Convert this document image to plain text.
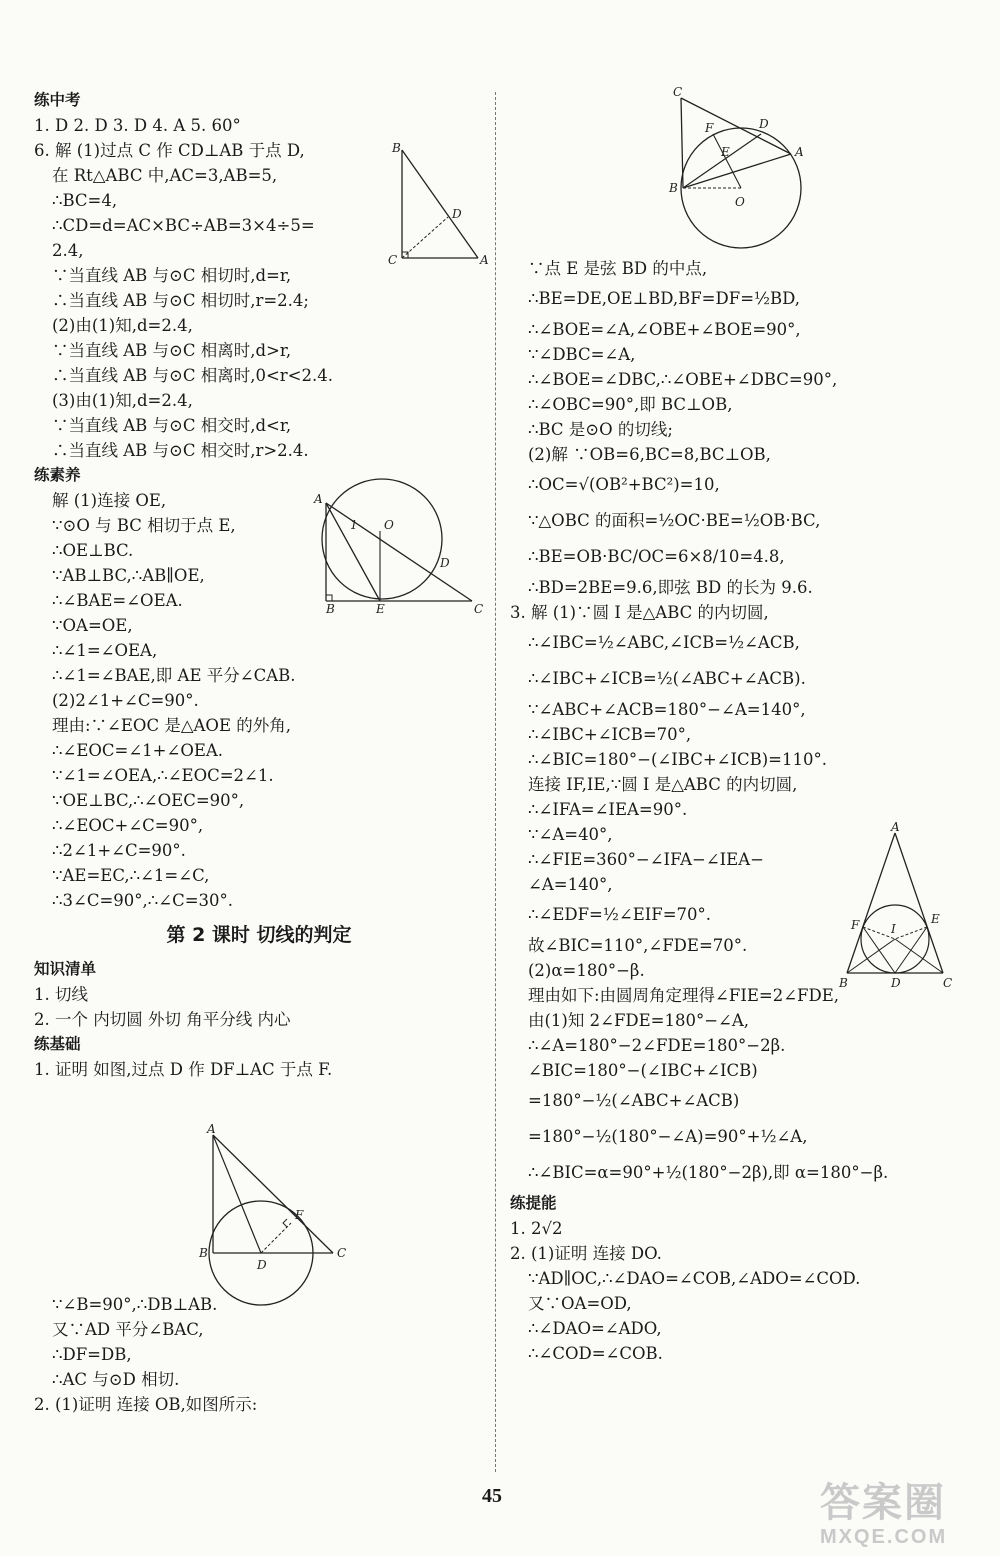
练中考
1. D 2. D 3. D 4. A 5. 60°
6. 解 (1)过点 C 作 CD⊥AB 于点 D,
在 Rt△ABC 中,AC=3,AB=5,
∴BC=4,
∴CD=d=AC×BC÷AB=3×4÷5=
2.4,
∵当直线 AB 与⊙C 相切时,d=r,
∴当直线 AB 与⊙C 相切时,r=2.4;
(2)由(1)知,d=2.4,
∵当直线 AB 与⊙C 相离时,d>r,
∴当直线 AB 与⊙C 相离时,0<r<2.4.
(3)由(1)知,d=2.4,
∵当直线 AB 与⊙C 相交时,d<r,
∴当直线 AB 与⊙C 相交时,r>2.4.
练素养
解 (1)连接 OE,
∵⊙O 与 BC 相切于点 E,
∴OE⊥BC.
∵AB⊥BC,∴AB∥OE,
∴∠BAE=∠OEA.
∵OA=OE,
∴∠1=∠OEA,
∴∠1=∠BAE,即 AE 平分∠CAB.
(2)2∠1+∠C=90°.
理由:∵∠EOC 是△AOE 的外角,
∴∠EOC=∠1+∠OEA.
∵∠1=∠OEA,∴∠EOC=2∠1.
∵OE⊥BC,∴∠OEC=90°,
∴∠EOC+∠C=90°,
∴2∠1+∠C=90°.
∵AE=EC,∴∠1=∠C,
∴3∠C=90°,∴∠C=30°.
第 2 课时 切线的判定
知识清单
1. 切线
2. 一个 内切圆 外切 角平分线 内心
练基础
1. 证明 如图,过点 D 作 DF⊥AC 于点 F.
∵∠B=90°,∴DB⊥AB.
又∵AD 平分∠BAC,
∴DF=DB,
∴AC 与⊙D 相切.
2. (1)证明 连接 OB,如图所示:
∵点 E 是弦 BD 的中点,
∴BE=DE,OE⊥BD,BF=DF=½BD,
∴∠BOE=∠A,∠OBE+∠BOE=90°,
∵∠DBC=∠A,
∴∠BOE=∠DBC,∴∠OBE+∠DBC=90°,
∴∠OBC=90°,即 BC⊥OB,
∴BC 是⊙O 的切线;
(2)解 ∵OB=6,BC=8,BC⊥OB,
∴OC=√(OB²+BC²)=10,
∵△OBC 的面积=½OC·BE=½OB·BC,
∴BE=OB·BC/OC=6×8/10=4.8,
∴BD=2BE=9.6,即弦 BD 的长为 9.6.
3. 解 (1)∵圆 I 是△ABC 的内切圆,
∴∠IBC=½∠ABC,∠ICB=½∠ACB,
∴∠IBC+∠ICB=½(∠ABC+∠ACB).
∵∠ABC+∠ACB=180°−∠A=140°,
∴∠IBC+∠ICB=70°,
∴∠BIC=180°−(∠IBC+∠ICB)=110°.
连接 IF,IE,∵圆 I 是△ABC 的内切圆,
∴∠IFA=∠IEA=90°.
∵∠A=40°,
∴∠FIE=360°−∠IFA−∠IEA−
∠A=140°,
∴∠EDF=½∠EIF=70°.
故∠BIC=110°,∠FDE=70°.
(2)α=180°−β.
理由如下:由圆周角定理得∠FIE=2∠FDE,
由(1)知 2∠FDE=180°−∠A,
∴∠A=180°−2∠FDE=180°−2β.
∠BIC=180°−(∠IBC+∠ICB)
=180°−½(∠ABC+∠ACB)
=180°−½(180°−∠A)=90°+½∠A,
∴∠BIC=α=90°+½(180°−2β),即 α=180°−β.
练提能
1. 2√2
2. (1)证明 连接 DO.
∵AD∥OC,∴∠DAO=∠COB,∠ADO=∠COD.
又∵OA=OD,
∴∠DAO=∠ADO,
∴∠COD=∠COB.
B
C	A
D
A
O
1
D
B	E	C
A
F
B
D
C
C
F	D
A
E
B
O
A
F	I
E
B	D	C
45	答案圈
MXQE.COM
